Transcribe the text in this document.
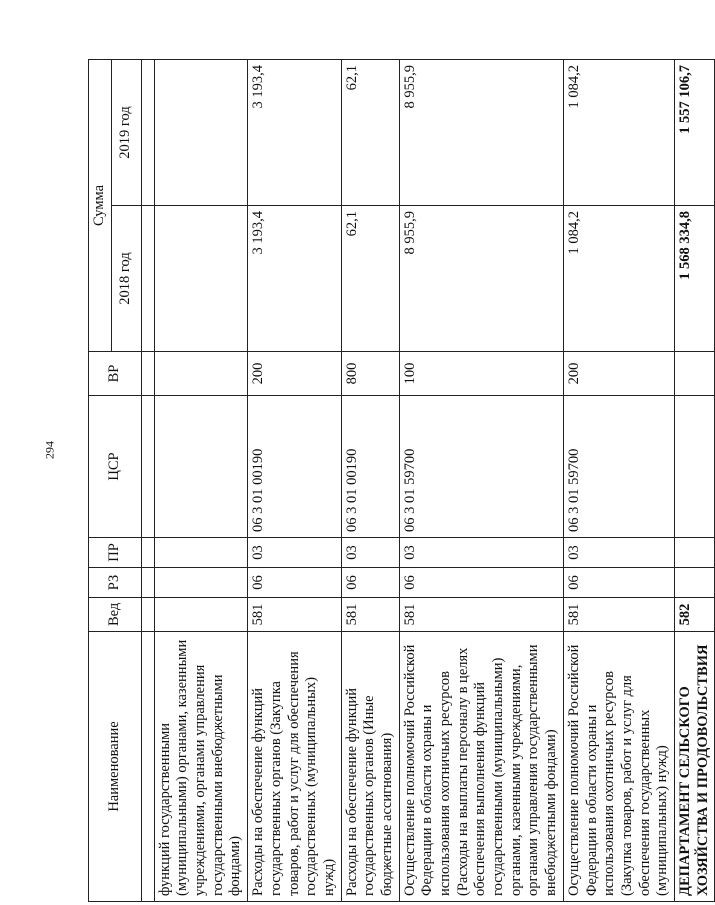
294
Наименование	Вед	РЗ	ПР	ЦСР	ВР	Сумма	
						2018 год	2019 год

функций государственными (муниципальными) органами, казенными учреждениями, органами управления государственными внебюджетными фондами)							
Расходы на обеспечение функций государственных органов (Закупка товаров, работ и услуг для обеспечения государственных (муниципальных) нужд)	581	06	03	06 3 01 00190	200	3 193,4	3 193,4
Расходы на обеспечение функций государственных органов (Иные бюджетные ассигнования)	581	06	03	06 3 01 00190	800	62,1	62,1
Осуществление полномочий Российской Федерации в области охраны и использования охотничьих ресурсов (Расходы на выплаты персоналу в целях обеспечения выполнения функций государственными (муниципальными) органами, казенными учреждениями, органами управления государственными внебюджетными фондами)	581	06	03	06 3 01 59700	100	8 955,9	8 955,9
Осуществление полномочий Российской Федерации в области охраны и использования охотничьих ресурсов (Закупка товаров, работ и услуг для обеспечения государственных (муниципальных) нужд)	581	06	03	06 3 01 59700	200	1 084,2	1 084,2
ДЕПАРТАМЕНТ СЕЛЬСКОГО ХОЗЯЙСТВА И ПРОДОВОЛЬСТВИЯ	582					1 568 334,8	1 557 106,7
